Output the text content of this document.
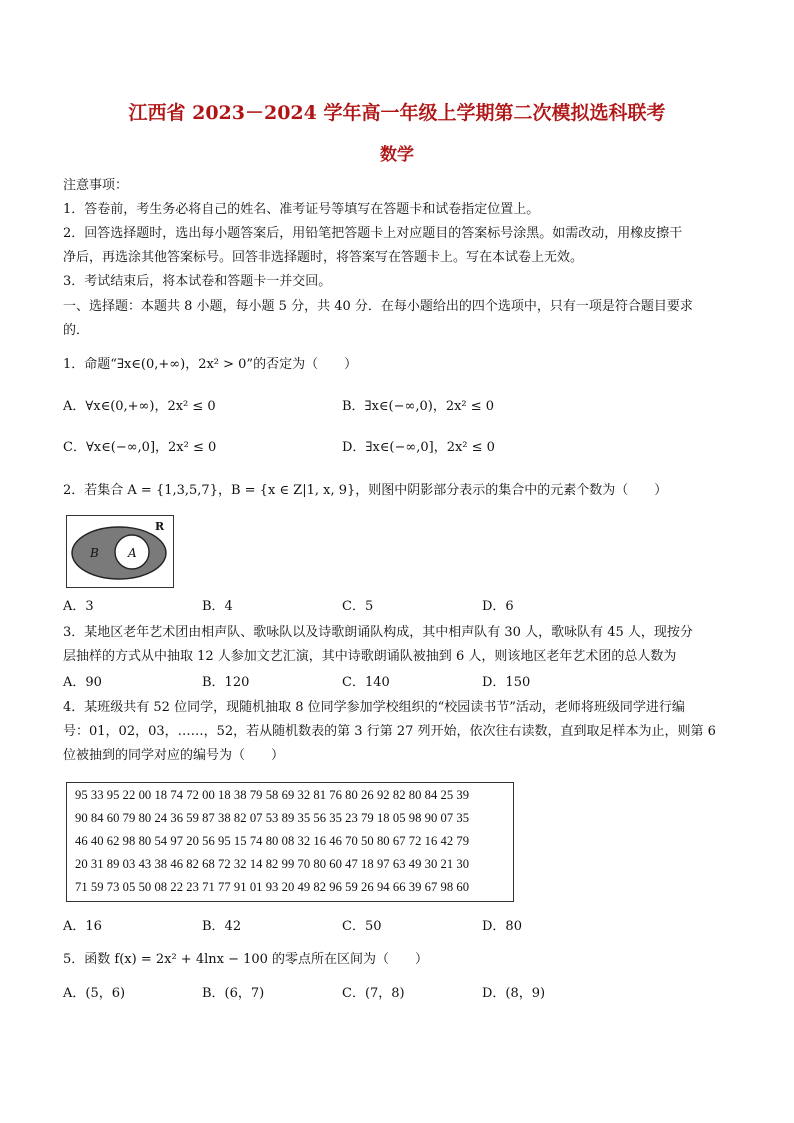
江西省 2023－2024 学年高一年级上学期第二次模拟选科联考
数学
注意事项：
1．答卷前，考生务必将自己的姓名、准考证号等填写在答题卡和试卷指定位置上。
2．回答选择题时，选出每小题答案后，用铅笔把答题卡上对应题目的答案标号涂黑。如需改动，用橡皮擦干
净后，再选涂其他答案标号。回答非选择题时，将答案写在答题卡上。写在本试卷上无效。
3．考试结束后，将本试卷和答题卡一并交回。
一、选择题：本题共 8 小题，每小题 5 分，共 40 分．在每小题给出的四个选项中，只有一项是符合题目要求
的．
1．命题“∃x∈(0,+∞)，2x² > 0”的否定为（　　）
A．∀x∈(0,+∞)，2x² ≤ 0	B．∃x∈(−∞,0)，2x² ≤ 0
C．∀x∈(−∞,0]，2x² ≤ 0	D．∃x∈(−∞,0]，2x² ≤ 0
2．若集合 A = {1,3,5,7}，B = {x ∈ Z|1, x, 9}，则图中阴影部分表示的集合中的元素个数为（　　）
R
B A
A．3	B．4	C．5	D．6
3．某地区老年艺术团由相声队、歌咏队以及诗歌朗诵队构成，其中相声队有 30 人，歌咏队有 45 人，现按分
层抽样的方式从中抽取 12 人参加文艺汇演，其中诗歌朗诵队被抽到 6 人，则该地区老年艺术团的总人数为
A．90	B．120	C．140	D．150
4．某班级共有 52 位同学，现随机抽取 8 位同学参加学校组织的“校园读书节”活动，老师将班级同学进行编
号：01，02，03，……，52，若从随机数表的第 3 行第 27 列开始，依次往右读数，直到取足样本为止，则第 6
位被抽到的同学对应的编号为（　　）
95 33 95 22 00 18 74 72 00 18 38 79 58 69 32 81 76 80 26 92 82 80 84 25 39
90 84 60 79 80 24 36 59 87 38 82 07 53 89 35 56 35 23 79 18 05 98 90 07 35
46 40 62 98 80 54 97 20 56 95 15 74 80 08 32 16 46 70 50 80 67 72 16 42 79
20 31 89 03 43 38 46 82 68 72 32 14 82 99 70 80 60 47 18 97 63 49 30 21 30
71 59 73 05 50 08 22 23 71 77 91 01 93 20 49 82 96 59 26 94 66 39 67 98 60
A．16	B．42	C．50	D．80
5．函数 f(x) = 2x² + 4lnx − 100 的零点所在区间为（　　）
A．(5，6)	B．(6，7)	C．(7，8)	D．(8，9)
